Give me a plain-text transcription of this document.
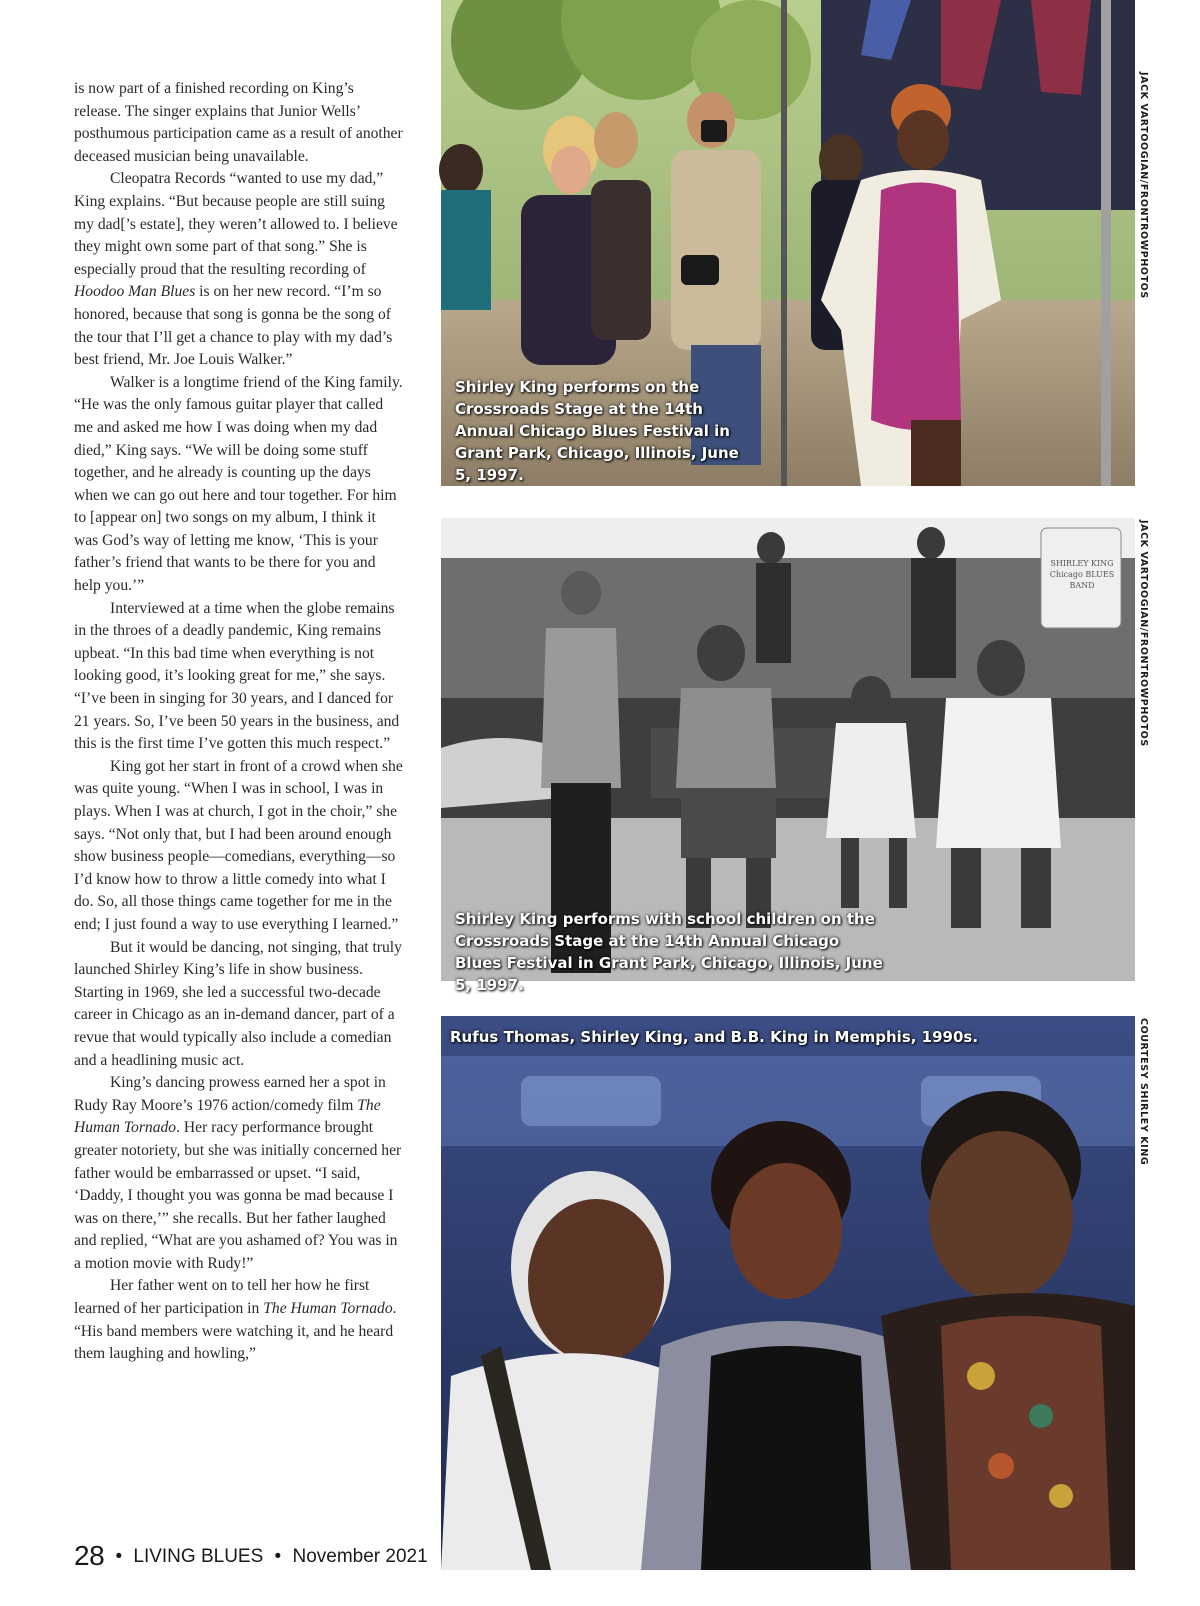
is now part of a finished recording on King’s release. The singer explains that Junior Wells’ posthumous participation came as a result of another deceased musician being unavailable.

Cleopatra Records “wanted to use my dad,” King explains. “But because people are still suing my dad[’s estate], they weren’t allowed to. I believe they might own some part of that song.” She is especially proud that the resulting recording of Hoodoo Man Blues is on her new record. “I’m so honored, because that song is gonna be the song of the tour that I’ll get a chance to play with my dad’s best friend, Mr. Joe Louis Walker.”

Walker is a longtime friend of the King family. “He was the only famous guitar player that called me and asked me how I was doing when my dad died,” King says. “We will be doing some stuff together, and he already is counting up the days when we can go out here and tour together. For him to [appear on] two songs on my album, I think it was God’s way of letting me know, ‘This is your father’s friend that wants to be there for you and help you.’”

Interviewed at a time when the globe remains in the throes of a deadly pandemic, King remains upbeat. “In this bad time when everything is not looking good, it’s looking great for me,” she says. “I’ve been in singing for 30 years, and I danced for 21 years. So, I’ve been 50 years in the business, and this is the first time I’ve gotten this much respect.”

King got her start in front of a crowd when she was quite young. “When I was in school, I was in plays. When I was at church, I got in the choir,” she says. “Not only that, but I had been around enough show business people—comedians, everything—so I’d know how to throw a little comedy into what I do. So, all those things came together for me in the end; I just found a way to use everything I learned.”

But it would be dancing, not singing, that truly launched Shirley King’s life in show business. Starting in 1969, she led a successful two-decade career in Chicago as an in-demand dancer, part of a revue that would typically also include a comedian and a headlining music act.

King’s dancing prowess earned her a spot in Rudy Ray Moore’s 1976 action/comedy film The Human Tornado. Her racy performance brought greater notoriety, but she was initially concerned her father would be embarrassed or upset. “I said, ‘Daddy, I thought you was gonna be mad because I was on there,’” she recalls. But her father laughed and replied, “What are you ashamed of? You was in a motion movie with Rudy!”

Her father went on to tell her how he first learned of her participation in The Human Tornado. “His band members were watching it, and he heard them laughing and howling,”

28 • LIVING BLUES • November 2021
Shirley King performs on the Crossroads Stage at the 14th Annual Chicago Blues Festival in Grant Park, Chicago, Illinois, June 5, 1997.
JACK VARTOOGIAN/FRONTROWPHOTOS
SHIRLEY KING Chicago BLUES BAND
Shirley King performs with school children on the Crossroads Stage at the 14th Annual Chicago Blues Festival in Grant Park, Chicago, Illinois, June 5, 1997.
JACK VARTOOGIAN/FRONTROWPHOTOS
Rufus Thomas, Shirley King, and B.B. King in Memphis, 1990s.	COURTESY SHIRLEY KING
